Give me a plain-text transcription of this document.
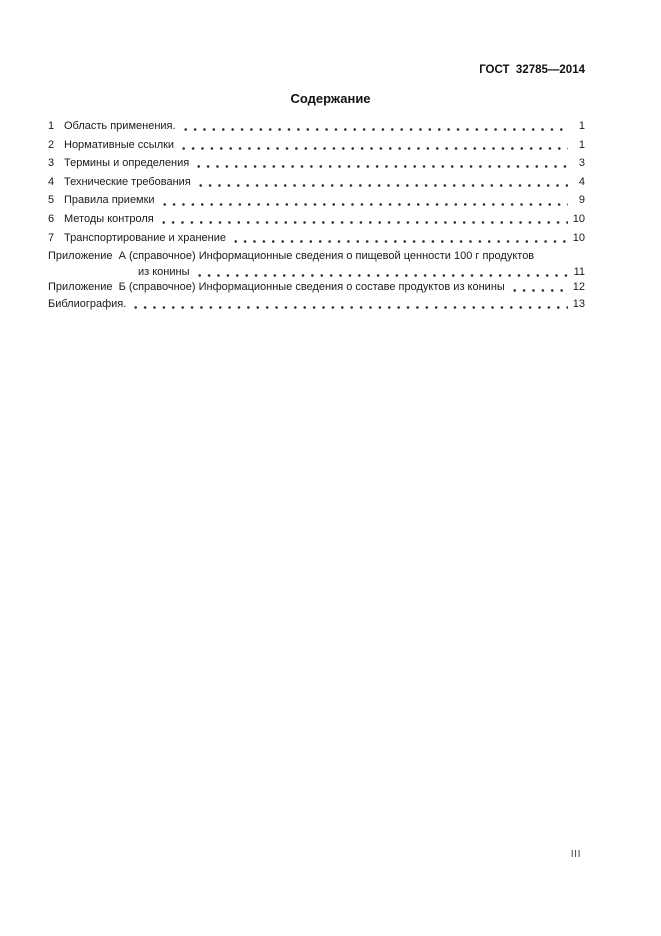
ГОСТ  32785—2014
Содержание
1 Область применения.	1
2 Нормативные ссылки	1
3 Термины и определения	3
4 Технические требования	4
5 Правила приемки	9
6 Методы контроля	10
7 Транспортирование и хранение	10
Приложение  А (справочное) Информационные сведения о пищевой ценности 100 г продуктов
из конины	11
Приложение  Б (справочное) Информационные сведения о составе продуктов из конины	12
Библиография.	13
III
